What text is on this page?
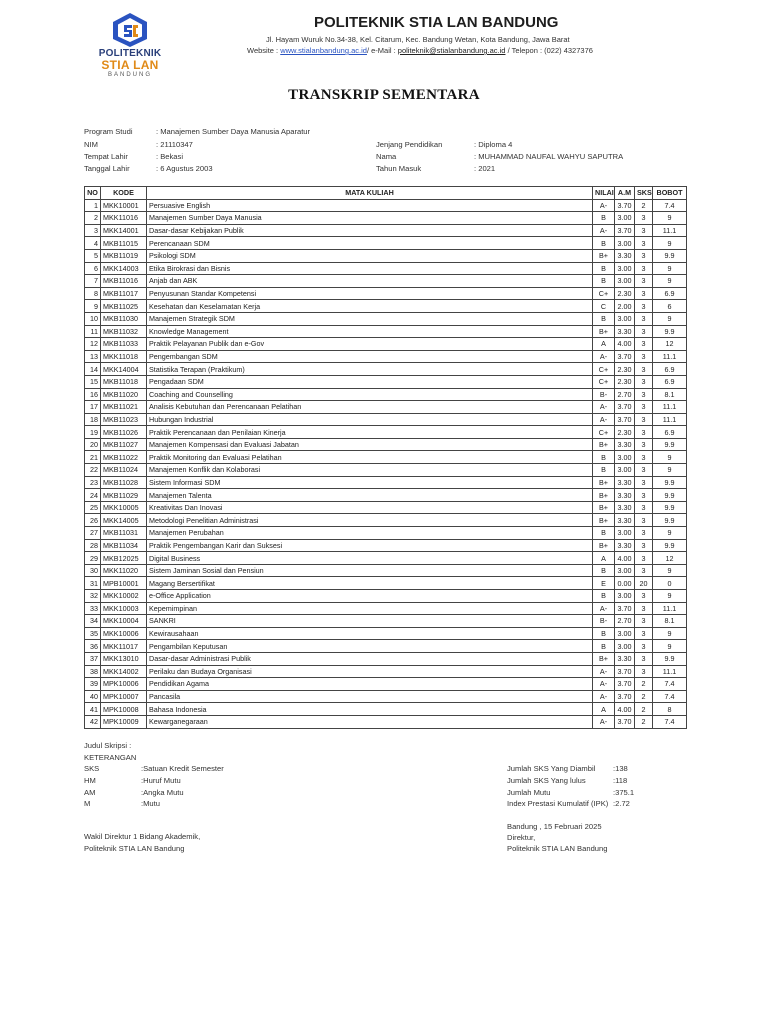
POLITEKNIK
STIA LAN
BANDUNG
POLITEKNIK STIA LAN BANDUNG
Jl. Hayam Wuruk No.34-38, Kel. Citarum, Kec. Bandung Wetan, Kota Bandung, Jawa Barat
Website : www.stialanbandung.ac.id/ e-Mail : politeknik@stialanbandung.ac.id / Telepon : (022) 4327376
TRANSKRIP SEMENTARA
Program Studi	: Manajemen Sumber Daya Manusia Aparatur
NIM	: 21110347
Tempat Lahir	: Bekasi
Tanggal Lahir	: 6 Agustus 2003
Jenjang Pendidikan	: Diploma 4
Nama	: MUHAMMAD NAUFAL WAHYU SAPUTRA
Tahun Masuk	: 2021
NO	KODE	MATA KULIAH	NILAI	A.M	SKS	BOBOT
1	MKK10001	Persuasive English	A-	3.70	2	7.4
2	MKK11016	Manajemen Sumber Daya Manusia	B	3.00	3	9
3	MKK14001	Dasar-dasar Kebijakan Publik	A-	3.70	3	11.1
4	MKB11015	Perencanaan SDM	B	3.00	3	9
5	MKB11019	Psikologi SDM	B+	3.30	3	9.9
6	MKK14003	Etika Birokrasi dan Bisnis	B	3.00	3	9
7	MKB11016	Anjab dan ABK	B	3.00	3	9
8	MKB11017	Penyusunan Standar Kompetensi	C+	2.30	3	6.9
9	MKB11025	Kesehatan dan Keselamatan Kerja	C	2.00	3	6
10	MKB11030	Manajemen Strategik SDM	B	3.00	3	9
11	MKB11032	Knowledge Management	B+	3.30	3	9.9
12	MKB11033	Praktik Pelayanan Publik dan e-Gov	A	4.00	3	12
13	MKK11018	Pengembangan SDM	A-	3.70	3	11.1
14	MKK14004	Statistika Terapan (Praktikum)	C+	2.30	3	6.9
15	MKB11018	Pengadaan SDM	C+	2.30	3	6.9
16	MKB11020	Coaching and Counselling	B-	2.70	3	8.1
17	MKB11021	Analisis Kebutuhan dan Perencanaan Pelatihan	A-	3.70	3	11.1
18	MKB11023	Hubungan Industrial	A-	3.70	3	11.1
19	MKB11026	Praktik Perencanaan dan Penilaian Kinerja	C+	2.30	3	6.9
20	MKB11027	Manajemen Kompensasi dan Evaluasi Jabatan	B+	3.30	3	9.9
21	MKB11022	Praktik Monitoring dan Evaluasi Pelatihan	B	3.00	3	9
22	MKB11024	Manajemen Konflik dan Kolaborasi	B	3.00	3	9
23	MKB11028	Sistem Informasi SDM	B+	3.30	3	9.9
24	MKB11029	Manajemen Talenta	B+	3.30	3	9.9
25	MKK10005	Kreativitas Dan Inovasi	B+	3.30	3	9.9
26	MKK14005	Metodologi Penelitian Administrasi	B+	3.30	3	9.9
27	MKB11031	Manajemen Perubahan	B	3.00	3	9
28	MKB11034	Praktik Pengembangan Karir dan Suksesi	B+	3.30	3	9.9
29	MKB12025	Digital Business	A	4.00	3	12
30	MKK11020	Sistem Jaminan Sosial dan Pensiun	B	3.00	3	9
31	MPB10001	Magang Bersertifikat	E	0.00	20	0
32	MKK10002	e-Office Application	B	3.00	3	9
33	MKK10003	Kepemimpinan	A-	3.70	3	11.1
34	MKK10004	SANKRI	B-	2.70	3	8.1
35	MKK10006	Kewirausahaan	B	3.00	3	9
36	MKK11017	Pengambilan Keputusan	B	3.00	3	9
37	MKK13010	Dasar-dasar Administrasi Publik	B+	3.30	3	9.9
38	MKK14002	Perilaku dan Budaya Organisasi	A-	3.70	3	11.1
39	MPK10006	Pendidikan Agama	A-	3.70	2	7.4
40	MPK10007	Pancasila	A-	3.70	2	7.4
41	MPK10008	Bahasa Indonesia	A	4.00	2	8
42	MPK10009	Kewarganegaraan	A-	3.70	2	7.4
Judul Skripsi :
KETERANGAN
SKS	:Satuan Kredit Semester
HM	:Huruf Mutu
AM	:Angka Mutu
M	:Mutu
Jumlah SKS Yang Diambil :138
Jumlah SKS Yang lulus	:118
Jumlah Mutu	:375.1
Index Prestasi Kumulatif (IPK) :2.72
Wakil Direktur 1 Bidang Akademik,
Politeknik STIA LAN Bandung
Bandung , 15 Februari 2025
Direktur,
Politeknik STIA LAN Bandung
